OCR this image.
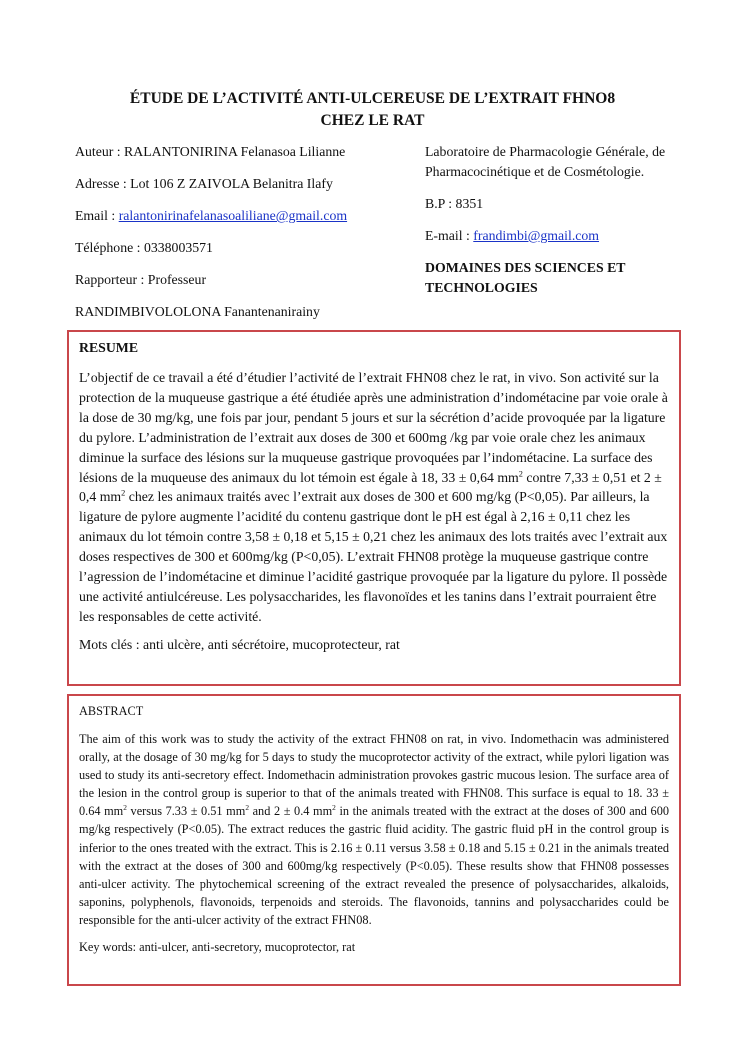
ÉTUDE DE L’ACTIVITÉ ANTI-ULCEREUSE DE L’EXTRAIT FHNO8
CHEZ LE RAT

Auteur : RALANTONIRINA Felanasoa Lilianne

Adresse : Lot 106 Z ZAIVOLA Belanitra Ilafy

Email : ralantonirinafelanasoaliliane@gmail.com

Téléphone : 0338003571

Rapporteur : Professeur

RANDIMBIVOLOLONA Fanantenanirainy

Laboratoire de Pharmacologie Générale, de Pharmacocinétique et de Cosmétologie.

B.P : 8351

E-mail : frandimbi@gmail.com

DOMAINES DES SCIENCES ET TECHNOLOGIES

RESUME

L’objectif de ce travail a été d’étudier l’activité de l’extrait FHN08 chez le rat, in vivo. Son activité sur la protection de la muqueuse gastrique a été étudiée après une administration d’indométacine par voie orale à la dose de 30 mg/kg, une fois par jour, pendant 5 jours et sur la sécrétion d’acide provoquée par la ligature du pylore. L’administration de l’extrait aux doses de 300 et 600mg /kg par voie orale chez les animaux diminue la surface des lésions sur la muqueuse gastrique provoquées par l’indométacine. La surface des lésions de la muqueuse des animaux du lot témoin est égale à 18, 33 ± 0,64 $mm^2$ contre 7,33 ± 0,51 et 2 ± 0,4 $mm^2$ chez les animaux traités avec l’extrait aux doses de 300 et 600 mg/kg (P<0,05). Par ailleurs, la ligature de pylore augmente l’acidité du contenu gastrique dont le pH est égal à 2,16 ± 0,11 chez les animaux du lot témoin contre 3,58 ± 0,18 et 5,15 ± 0,21 chez les animaux des lots traités avec l’extrait aux doses respectives de 300 et 600mg/kg (P<0,05). L’extrait FHN08 protège la muqueuse gastrique contre l’agression de l’indométacine et diminue l’acidité gastrique provoquée par la ligature du pylore. Il possède une activité antiulcéreuse. Les polysaccharides, les flavonoïdes et les tanins dans l’extrait pourraient être les responsables de cette activité.

Mots clés : anti ulcère, anti sécrétoire, mucoprotecteur, rat

ABSTRACT

The aim of this work was to study the activity of the extract FHN08 on rat, in vivo. Indomethacin was administered orally, at the dosage of 30 mg/kg for 5 days to study the mucoprotector activity of the extract, while pylori ligation was used to study its anti-secretory effect. Indomethacin administration provokes gastric mucous lesion. The surface area of the lesion in the control group is superior to that of the animals treated with FHN08. This surface is equal to 18. 33 ± 0.64 $mm^2$ versus 7.33 ± 0.51 $mm^2$ and 2 ± 0.4 $mm^2$ in the animals treated with the extract at the doses of 300 and 600 mg/kg respectively (P<0.05). The extract reduces the gastric fluid acidity. The gastric fluid pH in the control group is inferior to the ones treated with the extract. This is 2.16 ± 0.11 versus 3.58 ± 0.18 and 5.15 ± 0.21 in the animals treated with the extract at the doses of 300 and 600mg/kg respectively (P<0.05). These results show that FHN08 possesses anti-ulcer activity. The phytochemical screening of the extract revealed the presence of polysaccharides, alkaloids, saponins, polyphenols, flavonoids, terpenoids and steroids. The flavonoids, tannins and polysaccharides could be responsible for the anti-ulcer activity of the extract FHN08.

Key words: anti-ulcer, anti-secretory, mucoprotector, rat
